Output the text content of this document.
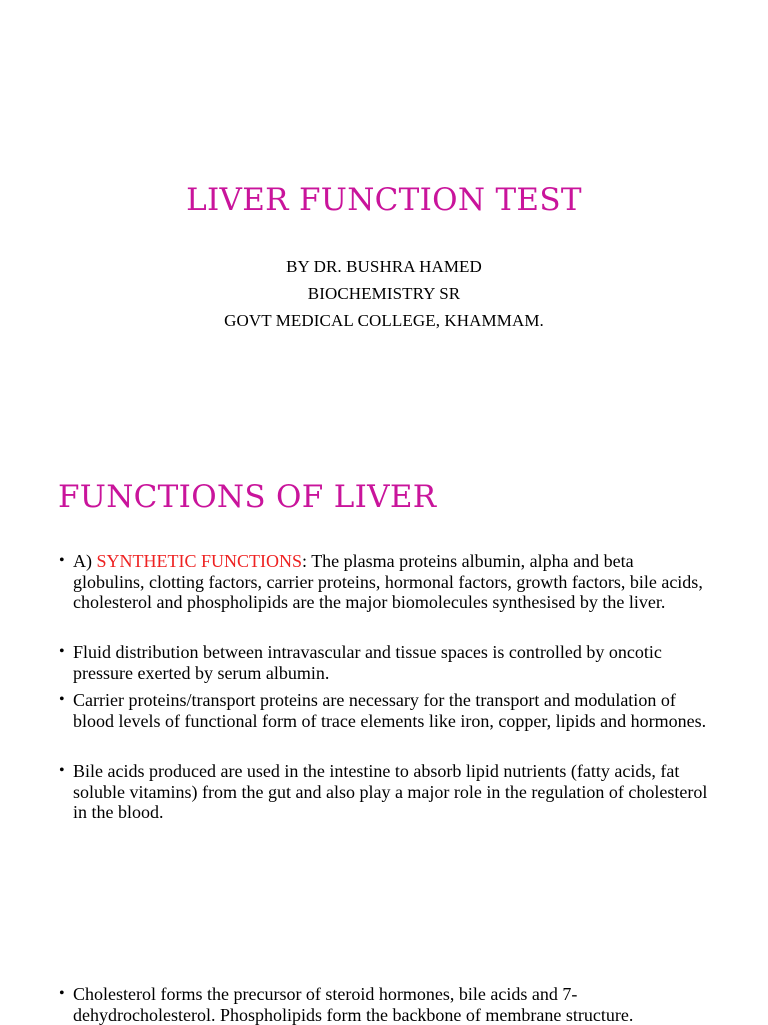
LIVER FUNCTION TEST
BY DR. BUSHRA HAMED
BIOCHEMISTRY SR
GOVT MEDICAL COLLEGE, KHAMMAM.
FUNCTIONS OF LIVER
• A) SYNTHETIC FUNCTIONS: The plasma proteins albumin, alpha and beta globulins, clotting factors, carrier proteins, hormonal factors, growth factors, bile acids, cholesterol and phospholipids are the major biomolecules synthesised by the liver.
• Fluid distribution between intravascular and tissue spaces is controlled by oncotic pressure exerted by serum albumin.
• Carrier proteins/transport proteins are necessary for the transport and modulation of blood levels of functional form of trace elements like iron, copper, lipids and hormones.
• Bile acids produced are used in the intestine to absorb lipid nutrients (fatty acids, fat soluble vitamins) from the gut and also play a major role in the regulation of cholesterol in the blood.
• Cholesterol forms the precursor of steroid hormones, bile acids and 7-dehydrocholesterol. Phospholipids form the backbone of membrane structure.
